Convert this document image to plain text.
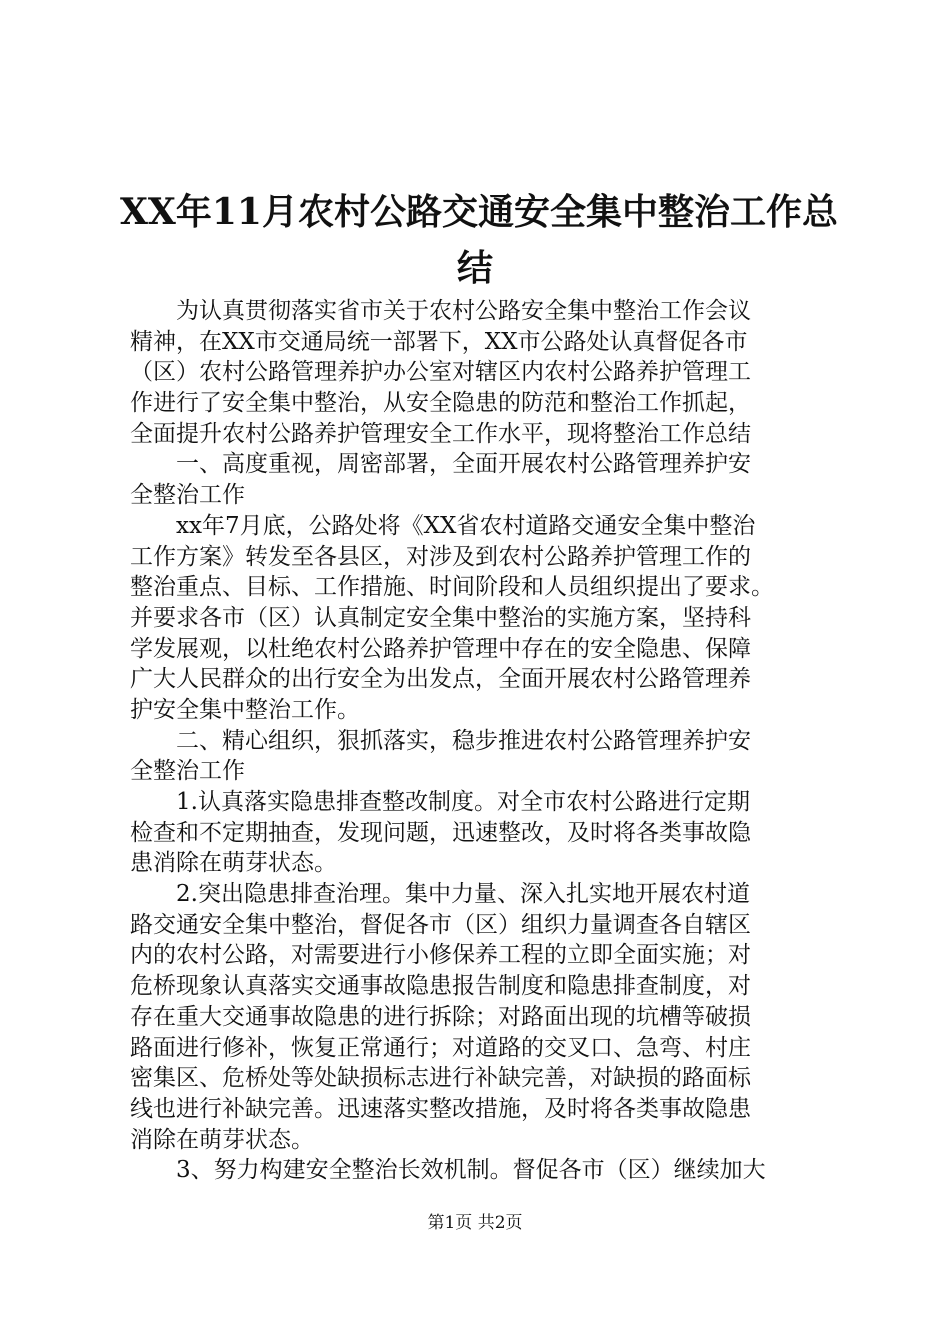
XX年11月农村公路交通安全集中整治工作总
结
为认真贯彻落实省市关于农村公路安全集中整治工作会议
精神，在XX市交通局统一部署下，XX市公路处认真督促各市
（区）农村公路管理养护办公室对辖区内农村公路养护管理工
作进行了安全集中整治，从安全隐患的防范和整治工作抓起，
全面提升农村公路养护管理安全工作水平，现将整治工作总结
一、高度重视，周密部署，全面开展农村公路管理养护安
全整治工作
xx年7月底，公路处将《XX省农村道路交通安全集中整治
工作方案》转发至各县区，对涉及到农村公路养护管理工作的
整治重点、目标、工作措施、时间阶段和人员组织提出了要求。
并要求各市（区）认真制定安全集中整治的实施方案，坚持科
学发展观，以杜绝农村公路养护管理中存在的安全隐患、保障
广大人民群众的出行安全为出发点，全面开展农村公路管理养
护安全集中整治工作。
二、精心组织，狠抓落实，稳步推进农村公路管理养护安
全整治工作
1.认真落实隐患排查整改制度。对全市农村公路进行定期
检查和不定期抽查，发现问题，迅速整改，及时将各类事故隐
患消除在萌芽状态。
2.突出隐患排查治理。集中力量、深入扎实地开展农村道
路交通安全集中整治，督促各市（区）组织力量调查各自辖区
内的农村公路，对需要进行小修保养工程的立即全面实施；对
危桥现象认真落实交通事故隐患报告制度和隐患排查制度，对
存在重大交通事故隐患的进行拆除；对路面出现的坑槽等破损
路面进行修补，恢复正常通行；对道路的交叉口、急弯、村庄
密集区、危桥处等处缺损标志进行补缺完善，对缺损的路面标
线也进行补缺完善。迅速落实整改措施，及时将各类事故隐患
消除在萌芽状态。
3、努力构建安全整治长效机制。督促各市（区）继续加大
第1页 共2页
